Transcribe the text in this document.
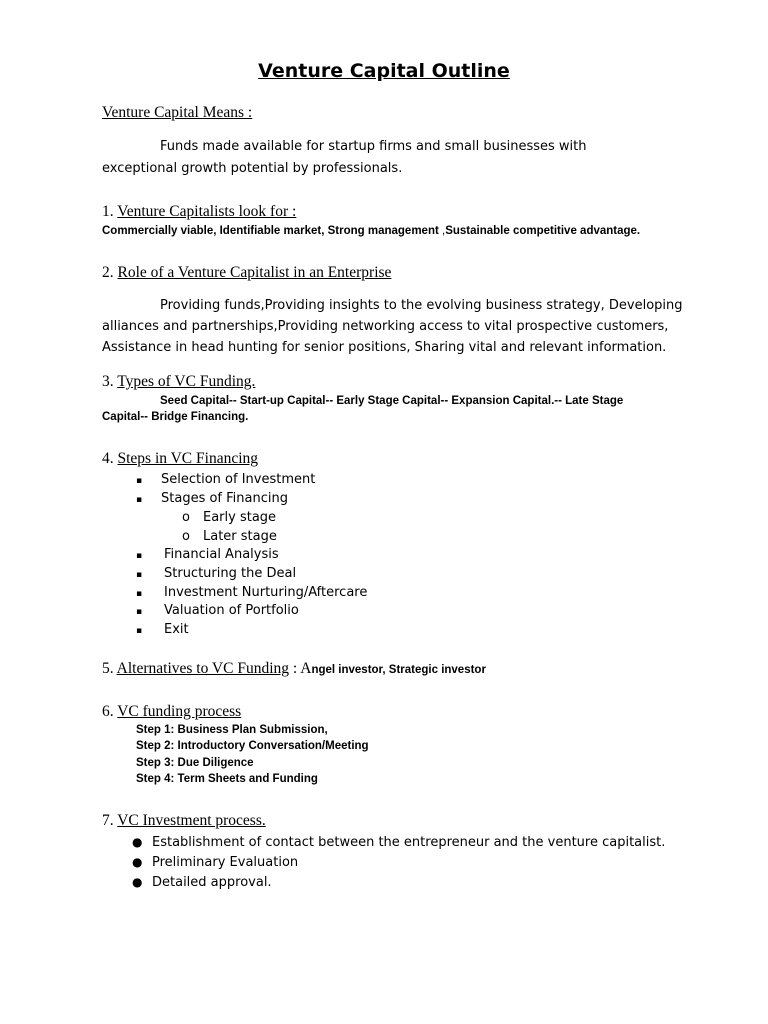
Venture Capital Outline
Venture Capital Means :
Funds made available for startup firms and small businesses with
exceptional growth potential by professionals.
1. Venture Capitalists look for :
Commercially viable, Identifiable market, Strong management ,Sustainable competitive advantage.
2. Role of a Venture Capitalist in an Enterprise
Providing funds,Providing insights to the evolving business strategy, Developing
alliances and partnerships,Providing networking access to vital prospective customers,
Assistance in head hunting for senior positions, Sharing vital and relevant information.
3. Types of VC Funding.
Seed Capital-- Start-up Capital-- Early Stage Capital-- Expansion Capital.-- Late Stage
Capital-- Bridge Financing.
4. Steps in VC Financing
▪ Selection of Investment
▪ Stages of Financing
o Early stage
o Later stage
▪ Financial Analysis
▪ Structuring the Deal
▪ Investment Nurturing/Aftercare
▪ Valuation of Portfolio
▪ Exit
5. Alternatives to VC Funding : Angel investor, Strategic investor
6. VC funding process
Step 1: Business Plan Submission,
Step 2: Introductory Conversation/Meeting
Step 3: Due Diligence
Step 4: Term Sheets and Funding
7. VC Investment process.
● Establishment of contact between the entrepreneur and the venture capitalist.
● Preliminary Evaluation
● Detailed approval.
